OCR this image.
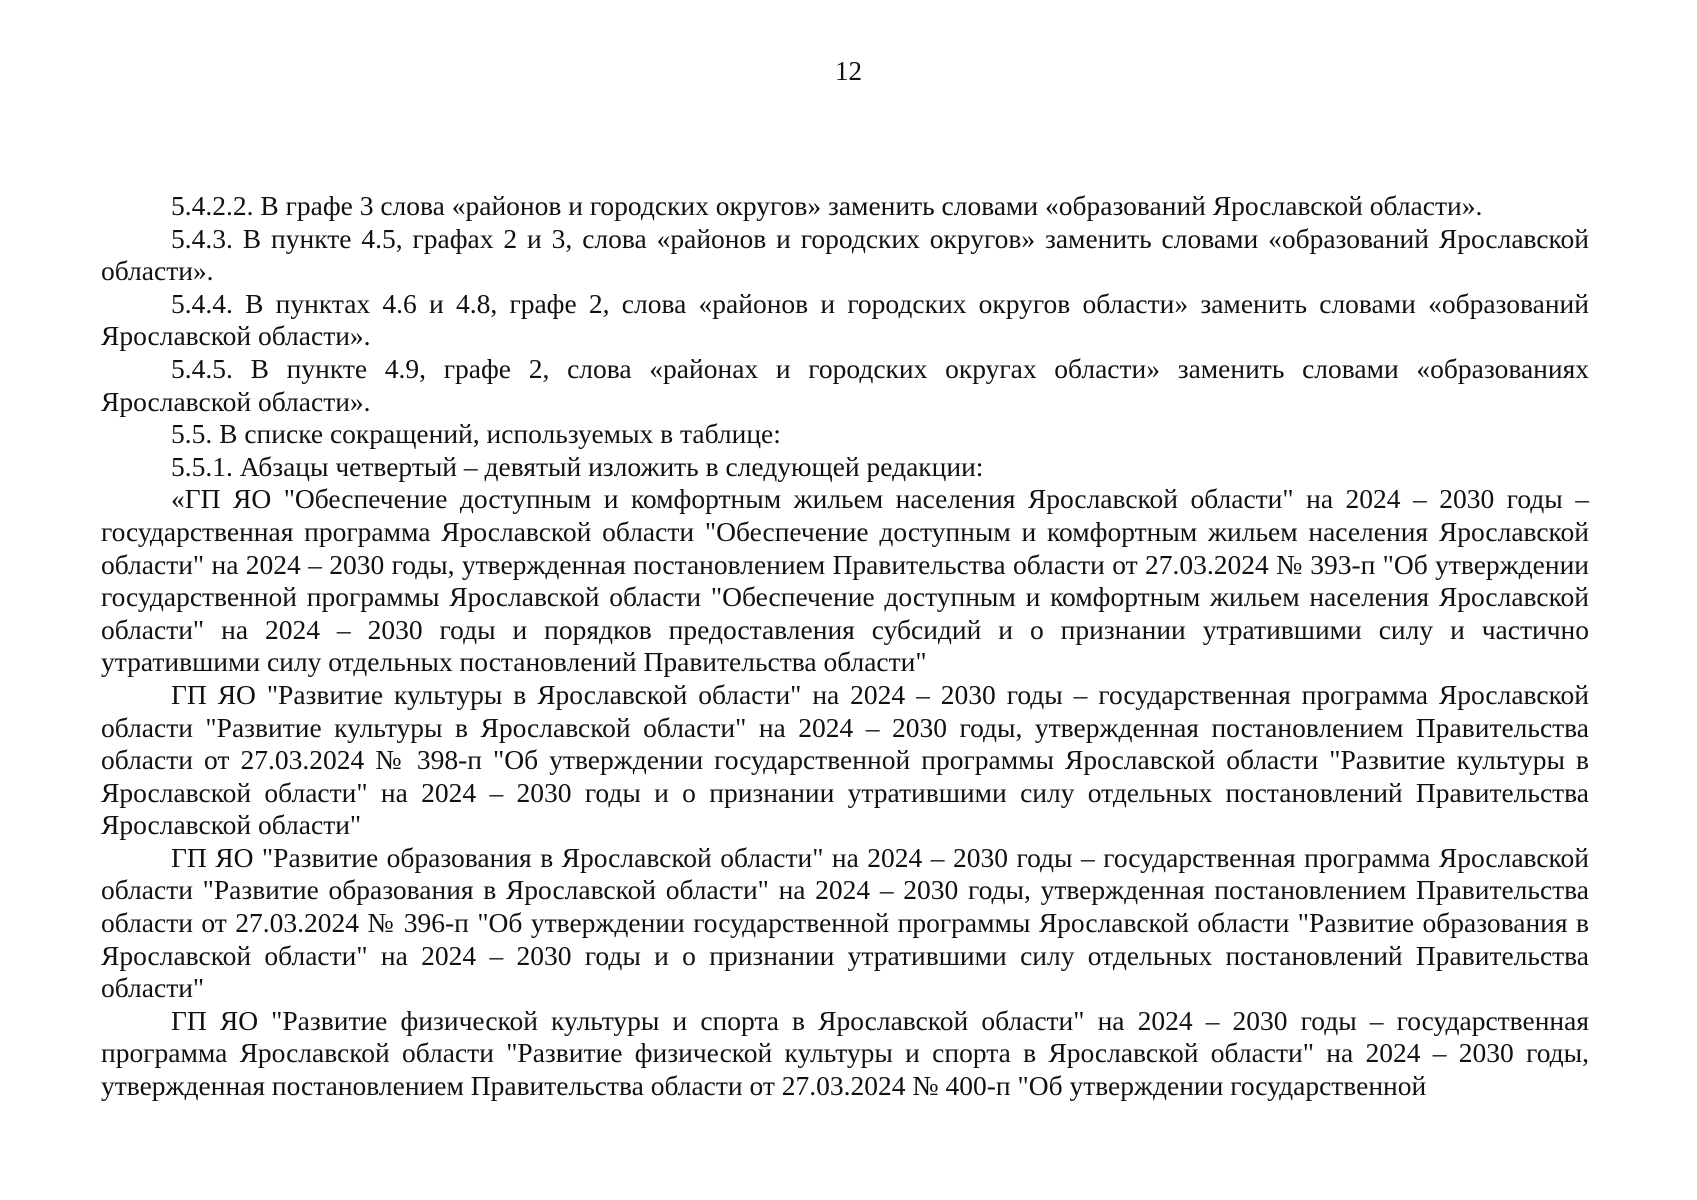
12

5.4.2.2. В графе 3 слова «районов и городских округов» заменить словами «образований Ярославской области».

5.4.3. В пункте 4.5, графах 2 и 3, слова «районов и городских округов» заменить словами «образований Ярославской области».

5.4.4. В пунктах 4.6 и 4.8, графе 2, слова «районов и городских округов области» заменить словами «образований Ярославской области».

5.4.5. В пункте 4.9, графе 2, слова «районах и городских округах области» заменить словами «образованиях Ярославской области».

5.5. В списке сокращений, используемых в таблице:

5.5.1. Абзацы четвертый – девятый изложить в следующей редакции:

«ГП ЯО "Обеспечение доступным и комфортным жильем населения Ярославской области" на 2024 – 2030 годы – государственная программа Ярославской области "Обеспечение доступным и комфортным жильем населения Ярославской области" на 2024 – 2030 годы, утвержденная постановлением Правительства области от 27.03.2024 № 393-п "Об утверждении государственной программы Ярославской области "Обеспечение доступным и комфортным жильем населения Ярославской области" на 2024 – 2030 годы и порядков предоставления субсидий и о признании утратившими силу и частично утратившими силу отдельных постановлений Правительства области"

ГП ЯО "Развитие культуры в Ярославской области" на 2024 – 2030 годы – государственная программа Ярославской области "Развитие культуры в Ярославской области" на 2024 – 2030 годы, утвержденная постановлением Правительства области от 27.03.2024 № 398-п "Об утверждении государственной программы Ярославской области "Развитие культуры в Ярославской области" на 2024 – 2030 годы и о признании утратившими силу отдельных постановлений Правительства Ярославской области"

ГП ЯО "Развитие образования в Ярославской области" на 2024 – 2030 годы – государственная программа Ярославской области "Развитие образования в Ярославской области" на 2024 – 2030 годы, утвержденная постановлением Правительства области от 27.03.2024 № 396-п "Об утверждении государственной программы Ярославской области "Развитие образования в Ярославской области" на 2024 – 2030 годы и о признании утратившими силу отдельных постановлений Правительства области"

ГП ЯО "Развитие физической культуры и спорта в Ярославской области" на 2024 – 2030 годы – государственная программа Ярославской области "Развитие физической культуры и спорта в Ярославской области" на 2024 – 2030 годы, утвержденная постановлением Правительства области от 27.03.2024 № 400-п "Об утверждении государственной
